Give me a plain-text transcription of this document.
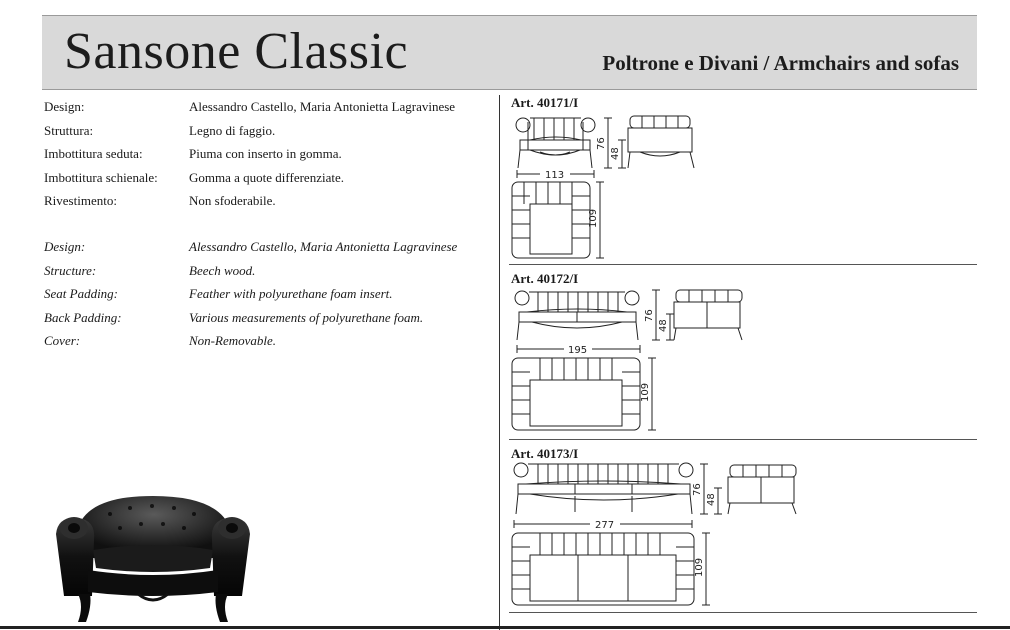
Sansone Classic	Poltrone e Divani / Armchairs and sofas
Design:	Alessandro Castello, Maria Antonietta Lagravinese
Struttura:	Legno di faggio.
Imbottitura seduta:	Piuma con inserto in gomma.
Imbottitura schienale:	Gomma a quote differenziate.
Rivestimento:	Non sfoderabile.
Design:	Alessandro Castello, Maria Antonietta Lagravinese
Structure:	Beech wood.
Seat Padding:	Feather with polyurethane foam insert.
Back Padding:	Various measurements of polyurethane foam.
Cover:	Non-Removable.
Art. 40171/I
Art. 40172/I
Art. 40173/I
113
76
48
109
195
76
48
109
277
76
48
109
